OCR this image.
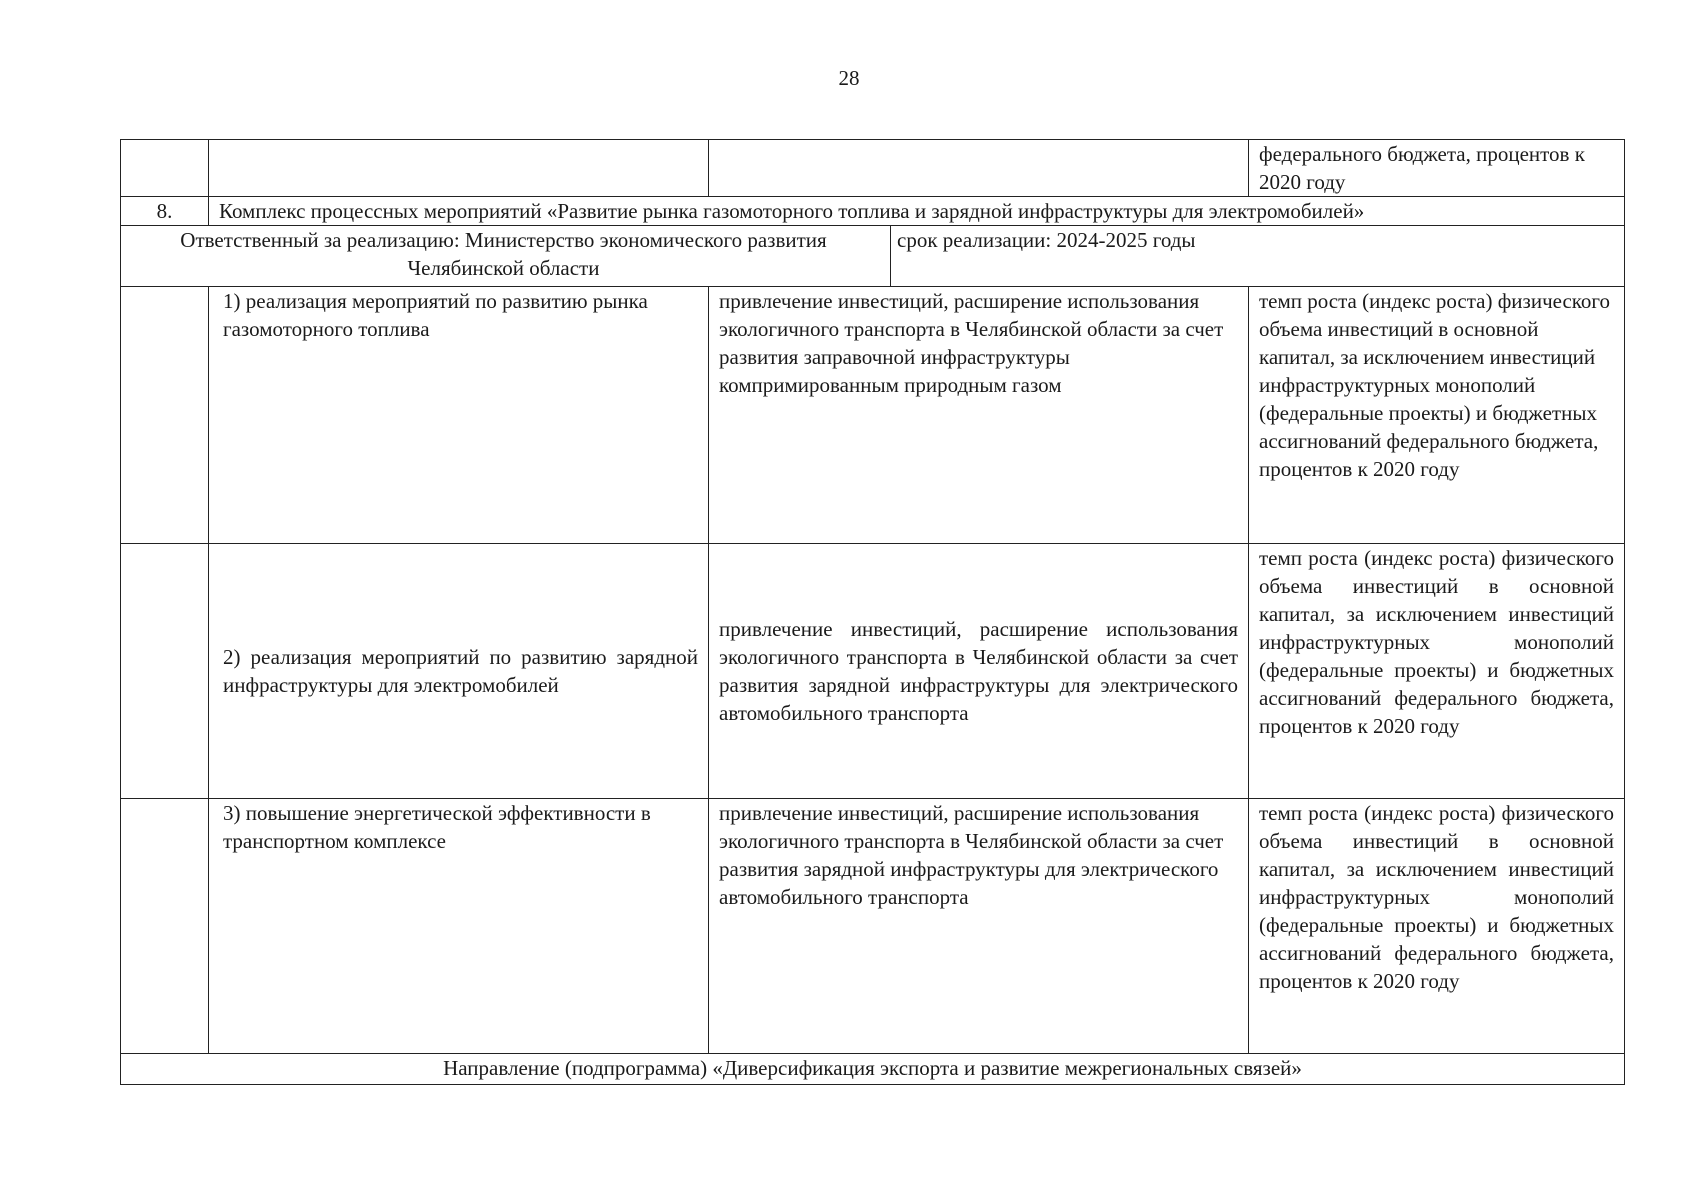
28
			федерального бюджета, процентов к 2020 году
8.	Комплекс процессных мероприятий «Развитие рынка газомоторного топлива и зарядной инфраструктуры для электромобилей»		

Ответственный за реализацию: Министерство экономического развития Челябинской области
срок реализации: 2024-2025 годы			

	1) реализация мероприятий по развитию рынка газомоторного топлива	привлечение инвестиций, расширение использования экологичного транспорта в Челябинской области за счет развития заправочной инфраструктуры компримированным природным газом	темп роста (индекс роста) физического объема инвестиций в основной капитал, за исключением инвестиций инфраструктурных монополий (федеральные проекты) и бюджетных ассигнований федерального бюджета, процентов к 2020 году
	2) реализация мероприятий по развитию зарядной инфраструктуры для электромобилей	привлечение инвестиций, расширение использования экологичного транспорта в Челябинской области за счет развития зарядной инфраструктуры для электрического автомобильного транспорта	темп роста (индекс роста) физического объема инвестиций в основной капитал, за исключением инвестиций инфраструктурных монополий (федеральные проекты) и бюджетных ассигнований федерального бюджета, процентов к 2020 году
	3) повышение энергетической эффективности в транспортном комплексе	привлечение инвестиций, расширение использования экологичного транспорта в Челябинской области за счет развития зарядной инфраструктуры для электрического автомобильного транспорта	темп роста (индекс роста) физического объема инвестиций в основной капитал, за исключением инвестиций инфраструктурных монополий (федеральные проекты) и бюджетных ассигнований федерального бюджета, процентов к 2020 году
Направление (подпрограмма) «Диверсификация экспорта и развитие межрегиональных связей»			
